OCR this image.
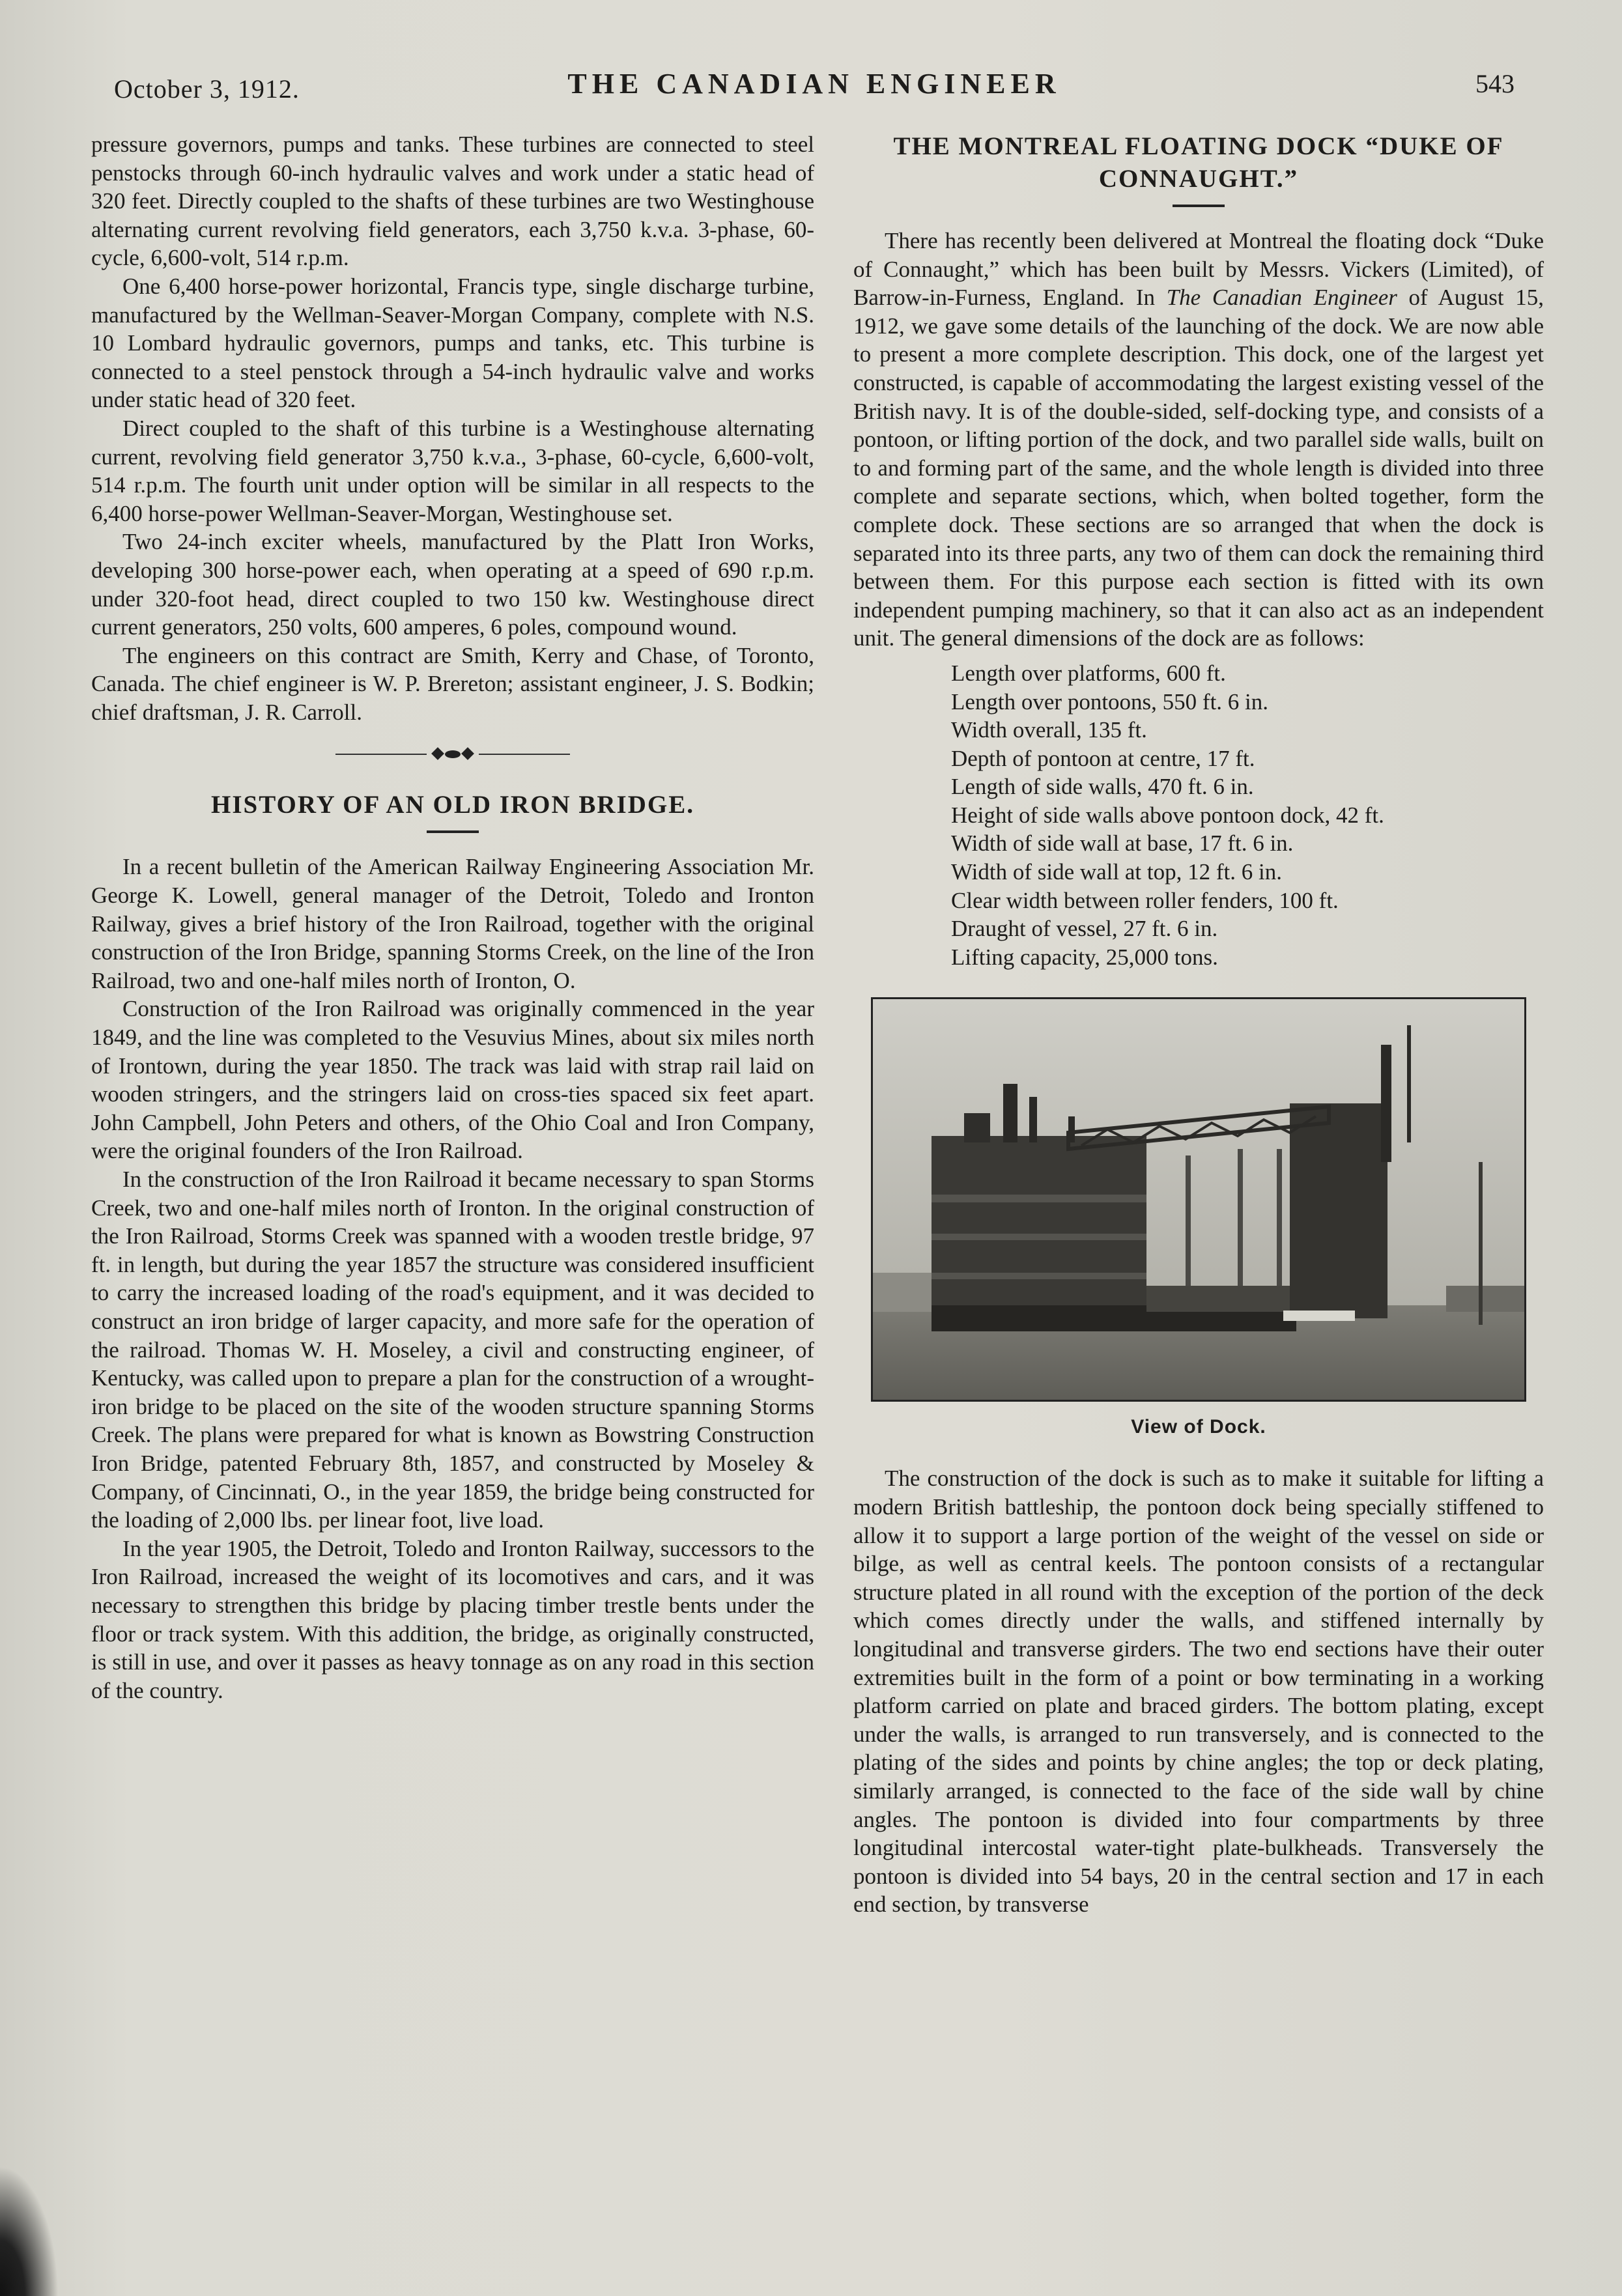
October 3, 1912.	THE CANADIAN ENGINEER	543

pressure governors, pumps and tanks. These turbines are connected to steel penstocks through 60-inch hydraulic valves and work under a static head of 320 feet. Directly coupled to the shafts of these turbines are two Westinghouse alternating current revolving field generators, each 3,750 k.v.a. 3-phase, 60-cycle, 6,600-volt, 514 r.p.m.

One 6,400 horse-power horizontal, Francis type, single discharge turbine, manufactured by the Wellman-Seaver-Morgan Company, complete with N.S. 10 Lombard hydraulic governors, pumps and tanks, etc. This turbine is connected to a steel penstock through a 54-inch hydraulic valve and works under static head of 320 feet.

Direct coupled to the shaft of this turbine is a Westinghouse alternating current, revolving field generator 3,750 k.v.a., 3-phase, 60-cycle, 6,600-volt, 514 r.p.m. The fourth unit under option will be similar in all respects to the 6,400 horse-power Wellman-Seaver-Morgan, Westinghouse set.

Two 24-inch exciter wheels, manufactured by the Platt Iron Works, developing 300 horse-power each, when operating at a speed of 690 r.p.m. under 320-foot head, direct coupled to two 150 kw. Westinghouse direct current generators, 250 volts, 600 amperes, 6 poles, compound wound.

The engineers on this contract are Smith, Kerry and Chase, of Toronto, Canada. The chief engineer is W. P. Brereton; assistant engineer, J. S. Bodkin; chief draftsman, J. R. Carroll.

HISTORY OF AN OLD IRON BRIDGE.

In a recent bulletin of the American Railway Engineering Association Mr. George K. Lowell, general manager of the Detroit, Toledo and Ironton Railway, gives a brief history of the Iron Railroad, together with the original construction of the Iron Bridge, spanning Storms Creek, on the line of the Iron Railroad, two and one-half miles north of Ironton, O.

Construction of the Iron Railroad was originally commenced in the year 1849, and the line was completed to the Vesuvius Mines, about six miles north of Irontown, during the year 1850. The track was laid with strap rail laid on wooden stringers, and the stringers laid on cross-ties spaced six feet apart. John Campbell, John Peters and others, of the Ohio Coal and Iron Company, were the original founders of the Iron Railroad.

In the construction of the Iron Railroad it became necessary to span Storms Creek, two and one-half miles north of Ironton. In the original construction of the Iron Railroad, Storms Creek was spanned with a wooden trestle bridge, 97 ft. in length, but during the year 1857 the structure was considered insufficient to carry the increased loading of the road's equipment, and it was decided to construct an iron bridge of larger capacity, and more safe for the operation of the railroad. Thomas W. H. Moseley, a civil and constructing engineer, of Kentucky, was called upon to prepare a plan for the construction of a wrought-iron bridge to be placed on the site of the wooden structure spanning Storms Creek. The plans were prepared for what is known as Bowstring Construction Iron Bridge, patented February 8th, 1857, and constructed by Moseley & Company, of Cincinnati, O., in the year 1859, the bridge being constructed for the loading of 2,000 lbs. per linear foot, live load.

In the year 1905, the Detroit, Toledo and Ironton Railway, successors to the Iron Railroad, increased the weight of its locomotives and cars, and it was necessary to strengthen this bridge by placing timber trestle bents under the floor or track system. With this addition, the bridge, as originally constructed, is still in use, and over it passes as heavy tonnage as on any road in this section of the country.

THE MONTREAL FLOATING DOCK “DUKE OF CONNAUGHT.”

There has recently been delivered at Montreal the floating dock “Duke of Connaught,” which has been built by Messrs. Vickers (Limited), of Barrow-in-Furness, England. In The Canadian Engineer of August 15, 1912, we gave some details of the launching of the dock. We are now able to present a more complete description. This dock, one of the largest yet constructed, is capable of accommodating the largest existing vessel of the British navy. It is of the double-sided, self-docking type, and consists of a pontoon, or lifting portion of the dock, and two parallel side walls, built on to and forming part of the same, and the whole length is divided into three complete and separate sections, which, when bolted together, form the complete dock. These sections are so arranged that when the dock is separated into its three parts, any two of them can dock the remaining third between them. For this purpose each section is fitted with its own independent pumping machinery, so that it can also act as an independent unit. The general dimensions of the dock are as follows:

Length over platforms, 600 ft.
Length over pontoons, 550 ft. 6 in.
Width overall, 135 ft.
Depth of pontoon at centre, 17 ft.
Length of side walls, 470 ft. 6 in.
Height of side walls above pontoon dock, 42 ft.
Width of side wall at base, 17 ft. 6 in.
Width of side wall at top, 12 ft. 6 in.
Clear width between roller fenders, 100 ft.
Draught of vessel, 27 ft. 6 in.
Lifting capacity, 25,000 tons.
View of Dock.

The construction of the dock is such as to make it suitable for lifting a modern British battleship, the pontoon dock being specially stiffened to allow it to support a large portion of the weight of the vessel on side or bilge, as well as central keels. The pontoon consists of a rectangular structure plated in all round with the exception of the portion of the deck which comes directly under the walls, and stiffened internally by longitudinal and transverse girders. The two end sections have their outer extremities built in the form of a point or bow terminating in a working platform carried on plate and braced girders. The bottom plating, except under the walls, is arranged to run transversely, and is connected to the plating of the sides and points by chine angles; the top or deck plating, similarly arranged, is connected to the face of the side wall by chine angles. The pontoon is divided into four compartments by three longitudinal intercostal water-tight plate-bulkheads. Transversely the pontoon is divided into 54 bays, 20 in the central section and 17 in each end section, by transverse
